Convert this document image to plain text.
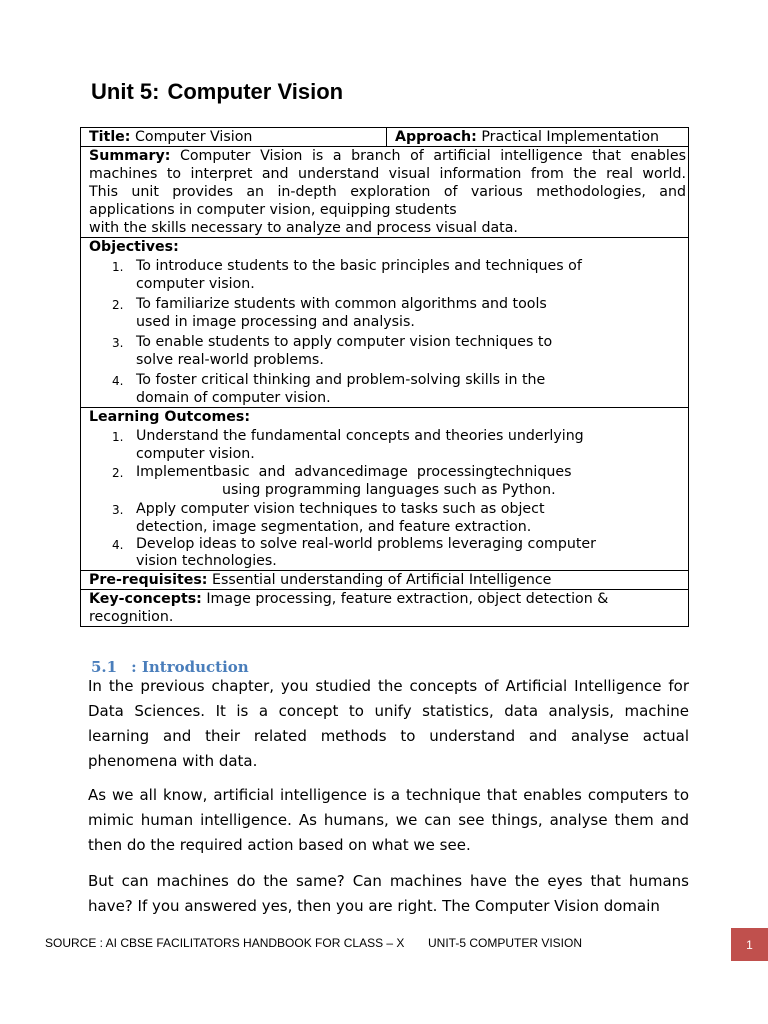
Unit 5: Computer Vision
Title: Computer Vision	Approach: Practical Implementation

Summary: Computer Vision is a branch of artificial intelligence that enables
machines to interpret and understand visual information from the real world.
This unit provides an in-depth exploration of various methodologies, and
applications in computer vision, equipping students
with the skills necessary to analyze and process visual data.

Objectives:
1. To introduce students to the basic principles and techniques of
computer vision.
2. To familiarize students with common algorithms and tools
used in image processing and analysis.
3. To enable students to apply computer vision techniques to
solve real-world problems.
4. To foster critical thinking and problem-solving skills in the
domain of computer vision.

Learning Outcomes:
1. Understand the fundamental concepts and theories underlying
computer vision.
2. Implementbasic  and  advancedimage  processingtechniques
using programming languages such as Python.
3. Apply computer vision techniques to tasks such as object
detection, image segmentation, and feature extraction.
4. Develop ideas to solve real-world problems leveraging computer
vision technologies.

Pre-requisites: Essential understanding of Artificial Intelligence
Key-concepts: Image processing, feature extraction, object detection &
recognition.
5.1 : Introduction

In the previous chapter, you studied the concepts of Artificial Intelligence for Data Sciences. It is a concept to unify statistics, data analysis, machine learning and their related methods to understand and analyse actual phenomena with data.

As we all know, artificial intelligence is a technique that enables computers to mimic human intelligence. As humans, we can see things, analyse them and then do the required action based on what we see.

But can machines do the same? Can machines have the eyes that humans have? If you answered yes, then you are right. The Computer Vision domain

SOURCE : AI CBSE FACILITATORS HANDBOOK FOR CLASS – X UNIT-5 COMPUTER VISION	1
